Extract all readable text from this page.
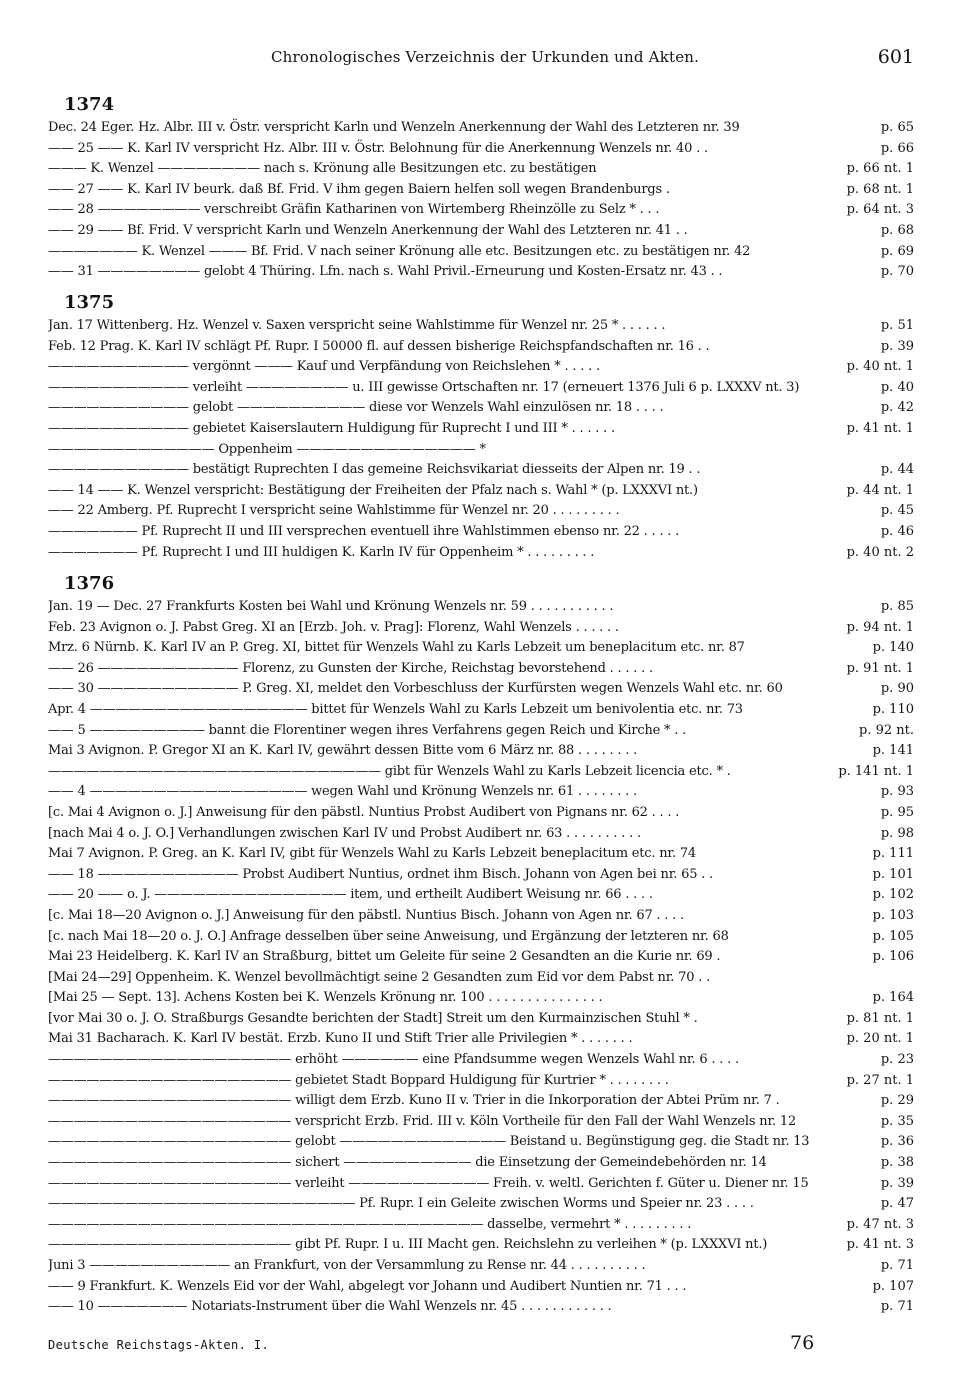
Chronologisches Verzeichnis der Urkunden und Akten.	601
1374
Dec. 24 Eger. Hz. Albr. III v. Östr. verspricht Karln und Wenzeln Anerkennung der Wahl des Letzteren nr. 39	p. 65
—— 25 —— K. Karl IV verspricht Hz. Albr. III v. Östr. Belohnung für die Anerkennung Wenzels nr. 40 . .	p. 66
——— K. Wenzel ———————— nach s. Krönung alle Besitzungen etc. zu bestätigen	p. 66 nt. 1
—— 27 —— K. Karl IV beurk. daß Bf. Frid. V ihm gegen Baiern helfen soll wegen Brandenburgs .	p. 68 nt. 1
—— 28 ———————— verschreibt Gräfin Katharinen von Wirtemberg Rheinzölle zu Selz * . . .	p. 64 nt. 3
—— 29 —— Bf. Frid. V verspricht Karln und Wenzeln Anerkennung der Wahl des Letzteren nr. 41 . .	p. 68
——————— K. Wenzel ——— Bf. Frid. V nach seiner Krönung alle etc. Besitzungen etc. zu bestätigen nr. 42	p. 69
—— 31 ———————— gelobt 4 Thüring. Lfn. nach s. Wahl Privil.-Erneurung und Kosten-Ersatz nr. 43 . .	p. 70
1375
Jan. 17 Wittenberg. Hz. Wenzel v. Saxen verspricht seine Wahlstimme für Wenzel nr. 25 * . . . . . .	p. 51
Feb. 12 Prag. K. Karl IV schlägt Pf. Rupr. I 50000 fl. auf dessen bisherige Reichspfandschaften nr. 16 . .	p. 39
——————————— vergönnt ——— Kauf und Verpfändung von Reichslehen * . . . . .	p. 40 nt. 1
——————————— verleiht ———————— u. III gewisse Ortschaften nr. 17 (erneuert 1376 Juli 6 p. LXXXV nt. 3)	p. 40
——————————— gelobt —————————— diese vor Wenzels Wahl einzulösen nr. 18 . . . .	p. 42
——————————— gebietet Kaiserslautern Huldigung für Ruprecht I und III * . . . . . .	p. 41 nt. 1
————————————— Oppenheim —————————————— *
——————————— bestätigt Ruprechten I das gemeine Reichsvikariat diesseits der Alpen nr. 19 . .	p. 44
—— 14 —— K. Wenzel verspricht: Bestätigung der Freiheiten der Pfalz nach s. Wahl * (p. LXXXVI nt.)	p. 44 nt. 1
—— 22 Amberg. Pf. Ruprecht I verspricht seine Wahlstimme für Wenzel nr. 20 . . . . . . . . .	p. 45
——————— Pf. Ruprecht II und III versprechen eventuell ihre Wahlstimmen ebenso nr. 22 . . . . .	p. 46
——————— Pf. Ruprecht I und III huldigen K. Karln IV für Oppenheim * . . . . . . . . .	p. 40 nt. 2
1376
Jan. 19 — Dec. 27 Frankfurts Kosten bei Wahl und Krönung Wenzels nr. 59 . . . . . . . . . . .	p. 85
Feb. 23 Avignon o. J. Pabst Greg. XI an [Erzb. Joh. v. Prag]: Florenz, Wahl Wenzels . . . . . .	p. 94 nt. 1
Mrz. 6 Nürnb. K. Karl IV an P. Greg. XI, bittet für Wenzels Wahl zu Karls Lebzeit um beneplacitum etc. nr. 87	p. 140
—— 26 ——————————— Florenz, zu Gunsten der Kirche, Reichstag bevorstehend . . . . . .	p. 91 nt. 1
—— 30 ——————————— P. Greg. XI, meldet den Vorbeschluss der Kurfürsten wegen Wenzels Wahl etc. nr. 60	p. 90
Apr. 4 ————————————————— bittet für Wenzels Wahl zu Karls Lebzeit um benivolentia etc. nr. 73	p. 110
—— 5 ————————— bannt die Florentiner wegen ihres Verfahrens gegen Reich und Kirche * . .	p. 92 nt.
Mai 3 Avignon. P. Gregor XI an K. Karl IV, gewährt dessen Bitte vom 6 März nr. 88 . . . . . . . .	p. 141
—————————————————————————— gibt für Wenzels Wahl zu Karls Lebzeit licencia etc. * .	p. 141 nt. 1
—— 4 ————————————————— wegen Wahl und Krönung Wenzels nr. 61 . . . . . . . .	p. 93
[c. Mai 4 Avignon o. J.] Anweisung für den päbstl. Nuntius Probst Audibert von Pignans nr. 62 . . . .	p. 95
[nach Mai 4 o. J. O.] Verhandlungen zwischen Karl IV und Probst Audibert nr. 63 . . . . . . . . . .	p. 98
Mai 7 Avignon. P. Greg. an K. Karl IV, gibt für Wenzels Wahl zu Karls Lebzeit beneplacitum etc. nr. 74	p. 111
—— 18 ——————————— Probst Audibert Nuntius, ordnet ihm Bisch. Johann von Agen bei nr. 65 . .	p. 101
—— 20 —— o. J. ——————————————— item, und ertheilt Audibert Weisung nr. 66 . . . .	p. 102
[c. Mai 18—20 Avignon o. J.] Anweisung für den päbstl. Nuntius Bisch. Johann von Agen nr. 67 . . . .	p. 103
[c. nach Mai 18—20 o. J. O.] Anfrage desselben über seine Anweisung, und Ergänzung der letzteren nr. 68	p. 105
Mai 23 Heidelberg. K. Karl IV an Straßburg, bittet um Geleite für seine 2 Gesandten an die Kurie nr. 69 .	p. 106
[Mai 24—29] Oppenheim. K. Wenzel bevollmächtigt seine 2 Gesandten zum Eid vor dem Pabst nr. 70 . .
[Mai 25 — Sept. 13]. Achens Kosten bei K. Wenzels Krönung nr. 100 . . . . . . . . . . . . . . .	p. 164
[vor Mai 30 o. J. O. Straßburgs Gesandte berichten der Stadt] Streit um den Kurmainzischen Stuhl * .	p. 81 nt. 1
Mai 31 Bacharach. K. Karl IV bestät. Erzb. Kuno II und Stift Trier alle Privilegien * . . . . . . .	p. 20 nt. 1
——————————————————— erhöht —————— eine Pfandsumme wegen Wenzels Wahl nr. 6 . . . .	p. 23
——————————————————— gebietet Stadt Boppard Huldigung für Kurtrier * . . . . . . . .	p. 27 nt. 1
——————————————————— willigt dem Erzb. Kuno II v. Trier in die Inkorporation der Abtei Prüm nr. 7 .	p. 29
——————————————————— verspricht Erzb. Frid. III v. Köln Vortheile für den Fall der Wahl Wenzels nr. 12	p. 35
——————————————————— gelobt ————————————— Beistand u. Begünstigung geg. die Stadt nr. 13	p. 36
——————————————————— sichert —————————— die Einsetzung der Gemeindebehörden nr. 14	p. 38
——————————————————— verleiht ——————————— Freih. v. weltl. Gerichten f. Güter u. Diener nr. 15	p. 39
———————————————————————— Pf. Rupr. I ein Geleite zwischen Worms und Speier nr. 23 . . . .	p. 47
—————————————————————————————————— dasselbe, vermehrt * . . . . . . . . .	p. 47 nt. 3
——————————————————— gibt Pf. Rupr. I u. III Macht gen. Reichslehn zu verleihen * (p. LXXXVI nt.)	p. 41 nt. 3
Juni 3 ——————————— an Frankfurt, von der Versammlung zu Rense nr. 44 . . . . . . . . . .	p. 71
—— 9 Frankfurt. K. Wenzels Eid vor der Wahl, abgelegt vor Johann und Audibert Nuntien nr. 71 . . .	p. 107
—— 10 ——————— Notariats-Instrument über die Wahl Wenzels nr. 45 . . . . . . . . . . . .	p. 71
Deutsche Reichstags-Akten. I.	76
